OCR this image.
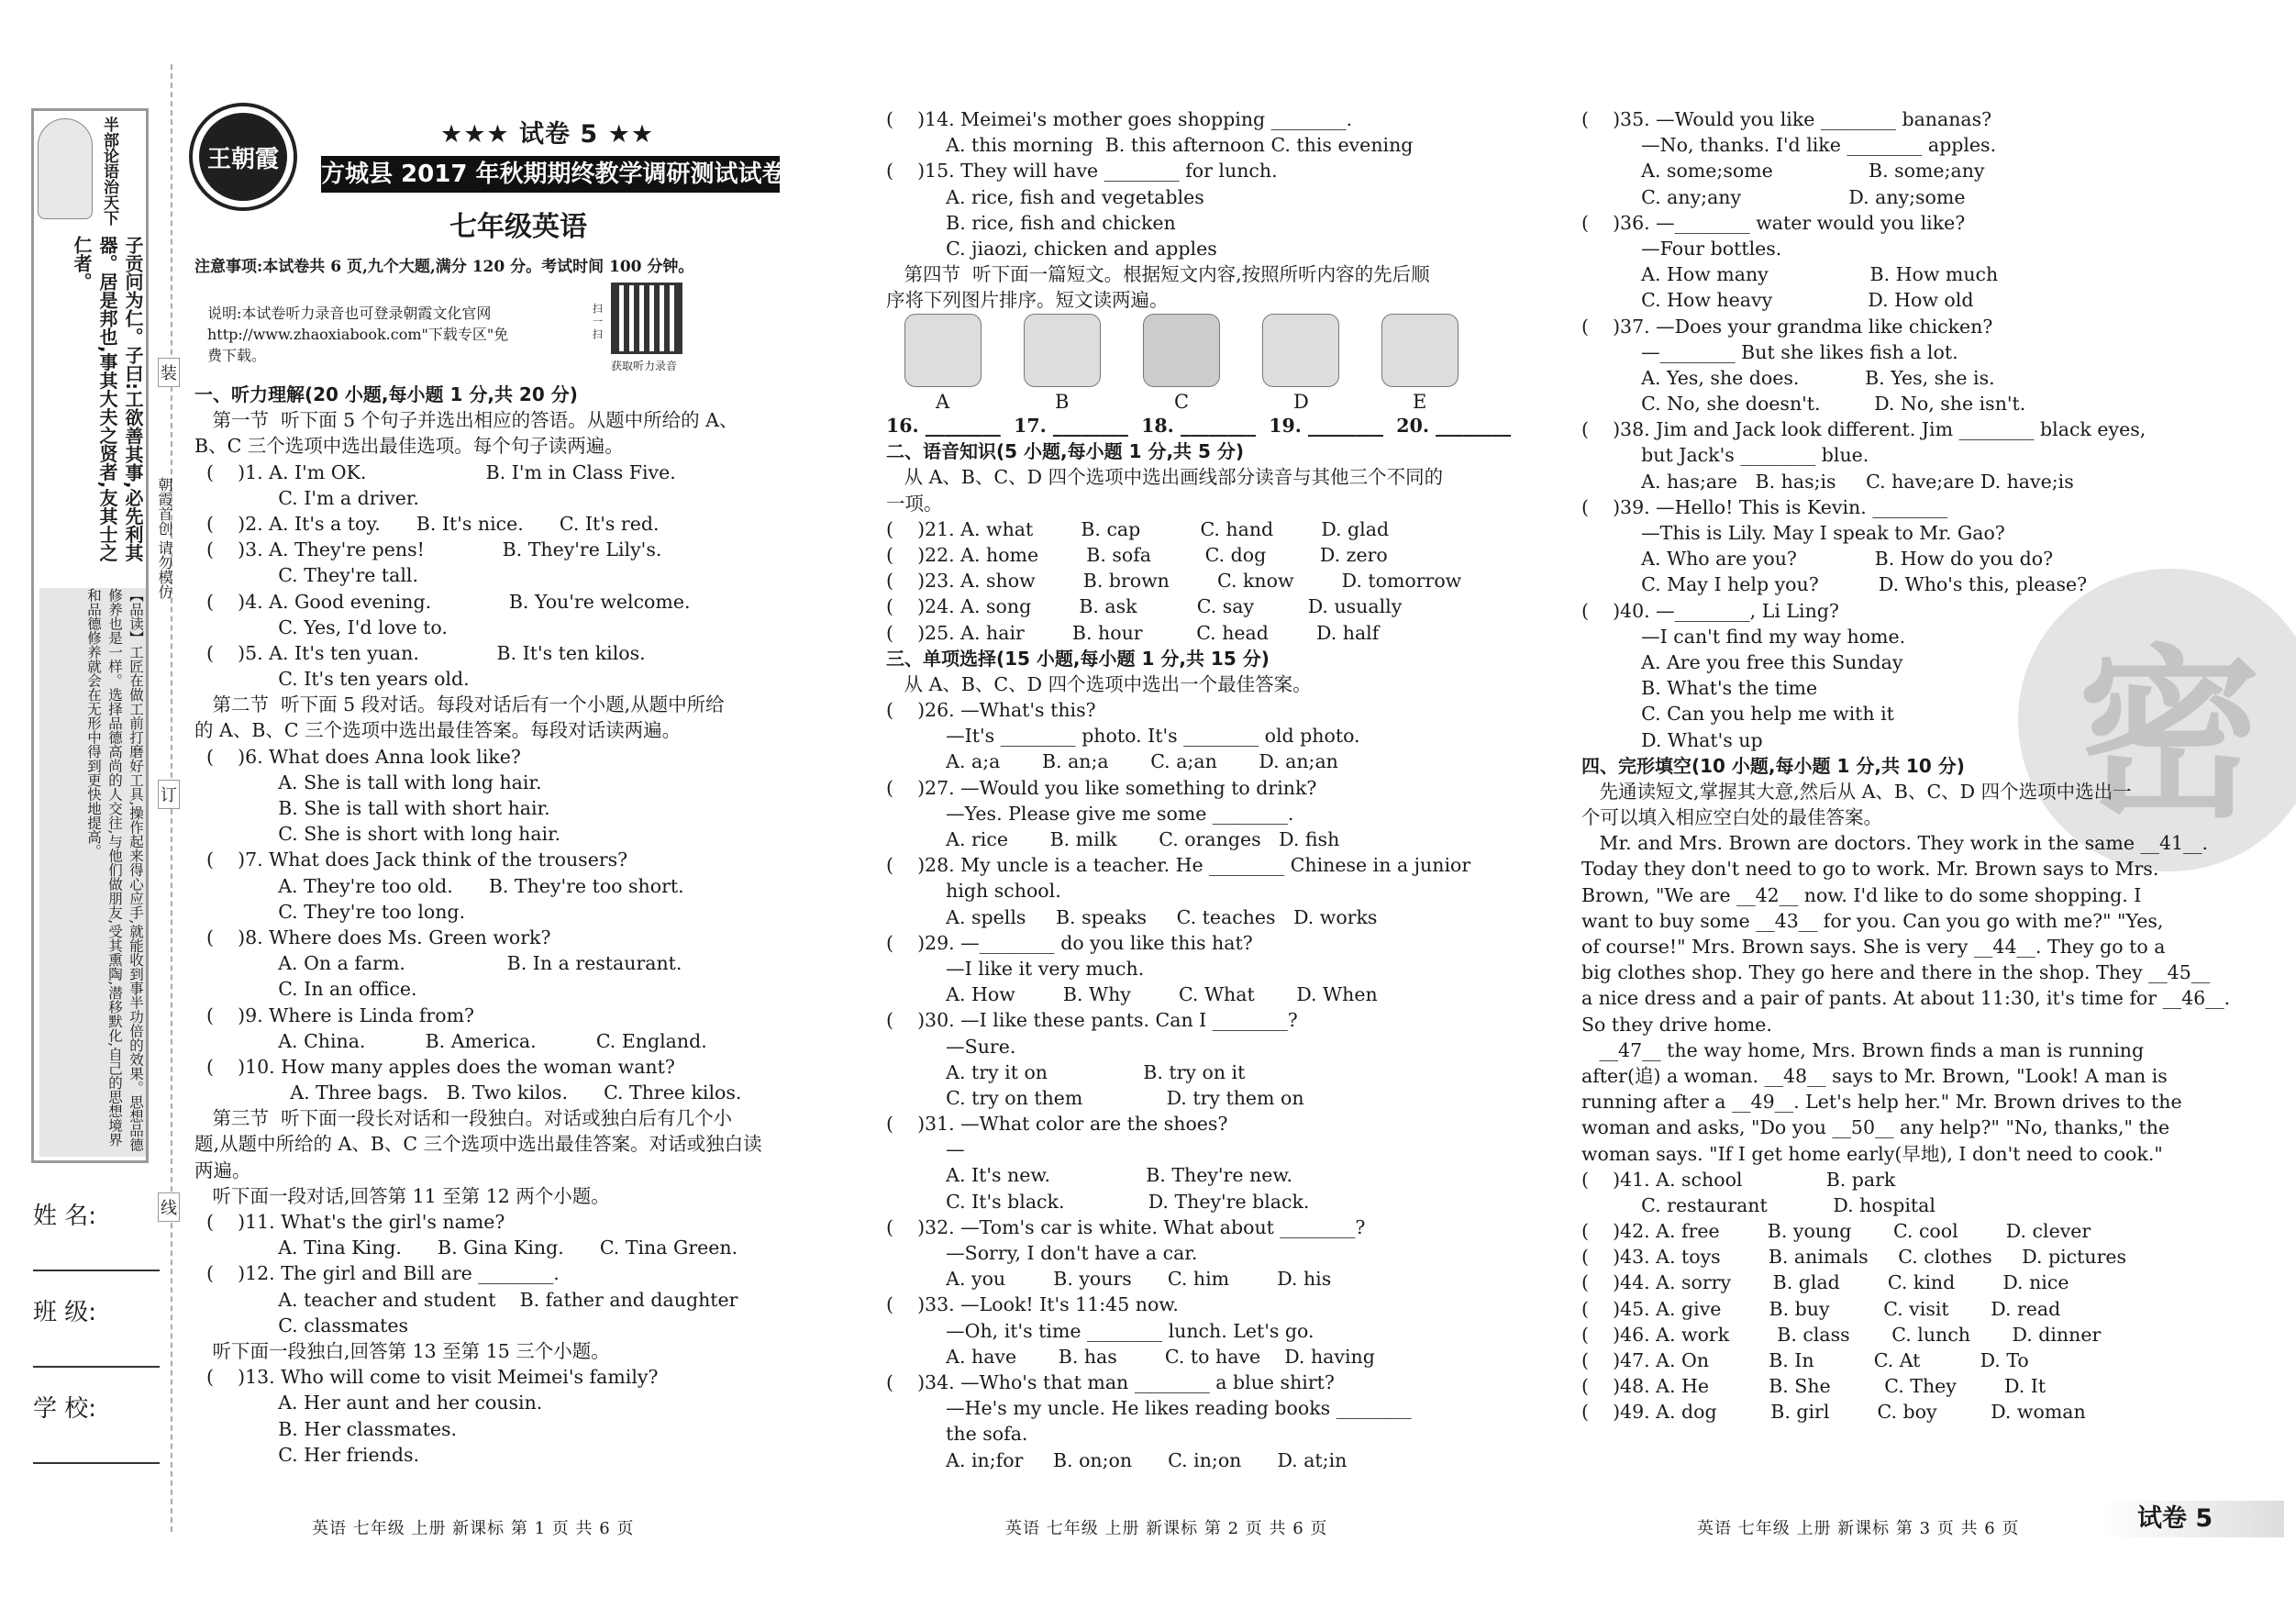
装
订
线
半部论语治天下
子贡问为仁。子曰:工欲善其事,必先利其器。居是邦也,事其大夫之贤者,友其士之仁者。
【品读】工匠在做工前打磨好工具,操作起来得心应手,就能收到事半功倍的效果。思想品德修养也是一样。选择品德高尚的人交往,与他们做朋友,受其熏陶,潜移默化,自己的思想境界和品德修养就会在无形中得到更快地提高。
朝霞首创 请勿模仿
姓 名:
班 级:
学 校:
王朝霞
★★★ 试卷 5 ★★
方城县 2017 年秋期期终教学调研测试试卷
七年级英语
注意事项:本试卷共 6 页,九个大题,满分 120 分。考试时间 100 分钟。
说明:本试卷听力录音也可登录朝霞文化官网
http://www.zhaoxiabook.com"下载专区"免
费下载。
扫一扫
获取听力录音

一、听力理解(20 小题,每小题 1 分,共 20 分)

第一节  听下面 5 个句子并选出相应的答语。从题中所给的 A、

B、C 三个选项中选出最佳选项。每个句子读两遍。

(    )1. A. I'm OK.                    B. I'm in Class Five.

C. I'm a driver.

(    )2. A. It's a toy.      B. It's nice.      C. It's red.

(    )3. A. They're pens!             B. They're Lily's.

C. They're tall.

(    )4. A. Good evening.             B. You're welcome.

C. Yes, I'd love to.

(    )5. A. It's ten yuan.             B. It's ten kilos.

C. It's ten years old.

第二节  听下面 5 段对话。每段对话后有一个小题,从题中所给

的 A、B、C 三个选项中选出最佳答案。每段对话读两遍。

(    )6. What does Anna look like?

A. She is tall with long hair.

B. She is tall with short hair.

C. She is short with long hair.

(    )7. What does Jack think of the trousers?

A. They're too old.      B. They're too short.

C. They're too long.

(    )8. Where does Ms. Green work?

A. On a farm.                 B. In a restaurant.

C. In an office.

(    )9. Where is Linda from?

A. China.          B. America.          C. England.

(    )10. How many apples does the woman want?

A. Three bags.   B. Two kilos.      C. Three kilos.

第三节  听下面一段长对话和一段独白。对话或独白后有几个小

题,从题中所给的 A、B、C 三个选项中选出最佳答案。对话或独白读

两遍。

听下面一段对话,回答第 11 至第 12 两个小题。

(    )11. What's the girl's name?

A. Tina King.      B. Gina King.      C. Tina Green.

(    )12. The girl and Bill are ________.

A. teacher and student    B. father and daughter

C. classmates

听下面一段独白,回答第 13 至第 15 三个小题。

(    )13. Who will come to visit Meimei's family?

A. Her aunt and her cousin.

B. Her classmates.

C. Her friends.

(    )14. Meimei's mother goes shopping ________.

A. this morning  B. this afternoon C. this evening

(    )15. They will have ________ for lunch.

A. rice, fish and vegetables

B. rice, fish and chicken

C. jiaozi, chicken and apples

第四节  听下面一篇短文。根据短文内容,按照所听内容的先后顺

序将下列图片排序。短文读两遍。

A	B	C	D	E

16. ________  17. ________  18. ________  19. ________  20. ________

二、语音知识(5 小题,每小题 1 分,共 5 分)

从 A、B、C、D 四个选项中选出画线部分读音与其他三个不同的

一项。

(    )21. A. what        B. cap          C. hand        D. glad

(    )22. A. home        B. sofa         C. dog         D. zero

(    )23. A. show        B. brown        C. know        D. tomorrow

(    )24. A. song        B. ask          C. say         D. usually

(    )25. A. hair        B. hour         C. head        D. half

三、单项选择(15 小题,每小题 1 分,共 15 分)

从 A、B、C、D 四个选项中选出一个最佳答案。

(    )26. —What's this?

—It's ________ photo. It's ________ old photo.

A. a;a       B. an;a       C. a;an       D. an;an

(    )27. —Would you like something to drink?

—Yes. Please give me some ________.

A. rice       B. milk       C. oranges   D. fish

(    )28. My uncle is a teacher. He ________ Chinese in a junior

high school.

A. spells     B. speaks     C. teaches   D. works

(    )29. —________ do you like this hat?

—I like it very much.

A. How        B. Why        C. What       D. When

(    )30. —I like these pants. Can I ________?

—Sure.

A. try it on                B. try on it

C. try on them              D. try them on

(    )31. —What color are the shoes?

—

A. It's new.                B. They're new.

C. It's black.              D. They're black.

(    )32. —Tom's car is white. What about ________?

—Sorry, I don't have a car.

A. you        B. yours      C. him        D. his

(    )33. —Look! It's 11:45 now.

—Oh, it's time ________ lunch. Let's go.

A. have       B. has        C. to have    D. having

(    )34. —Who's that man ________ a blue shirt?

—He's my uncle. He likes reading books ________

the sofa.

A. in;for     B. on;on      C. in;on      D. at;in

密

(    )35. —Would you like ________ bananas?

—No, thanks. I'd like ________ apples.

A. some;some                B. some;any

C. any;any                  D. any;some

(    )36. —________ water would you like?

—Four bottles.

A. How many                 B. How much

C. How heavy                D. How old

(    )37. —Does your grandma like chicken?

—________ But she likes fish a lot.

A. Yes, she does.           B. Yes, she is.

C. No, she doesn't.         D. No, she isn't.

(    )38. Jim and Jack look different. Jim ________ black eyes,

but Jack's ________ blue.

A. has;are   B. has;is     C. have;are D. have;is

(    )39. —Hello! This is Kevin. ________

—This is Lily. May I speak to Mr. Gao?

A. Who are you?             B. How do you do?

C. May I help you?          D. Who's this, please?

(    )40. —________, Li Ling?

—I can't find my way home.

A. Are you free this Sunday

B. What's the time

C. Can you help me with it

D. What's up

四、完形填空(10 小题,每小题 1 分,共 10 分)

先通读短文,掌握其大意,然后从 A、B、C、D 四个选项中选出一

个可以填入相应空白处的最佳答案。

Mr. and Mrs. Brown are doctors. They work in the same __41__.

Today they don't need to go to work. Mr. Brown says to Mrs.

Brown, "We are __42__ now. I'd like to do some shopping. I

want to buy some __43__ for you. Can you go with me?" "Yes,

of course!" Mrs. Brown says. She is very __44__. They go to a

big clothes shop. They go here and there in the shop. They __45__

a nice dress and a pair of pants. At about 11:30, it's time for __46__.

So they drive home.

__47__ the way home, Mrs. Brown finds a man is running

after(追) a woman. __48__ says to Mr. Brown, "Look! A man is

running after a __49__. Let's help her." Mr. Brown drives to the

woman and asks, "Do you __50__ any help?" "No, thanks," the

woman says. "If I get home early(早地), I don't need to cook."

(    )41. A. school              B. park

C. restaurant           D. hospital

(    )42. A. free        B. young       C. cool        D. clever

(    )43. A. toys        B. animals     C. clothes     D. pictures

(    )44. A. sorry       B. glad        C. kind        D. nice

(    )45. A. give        B. buy         C. visit       D. read

(    )46. A. work        B. class       C. lunch       D. dinner

(    )47. A. On          B. In          C. At          D. To

(    )48. A. He          B. She         C. They        D. It

(    )49. A. dog         B. girl        C. boy         D. woman

英语 七年级 上册 新课标 第 1 页 共 6 页	英语 七年级 上册 新课标 第 2 页 共 6 页	英语 七年级 上册 新课标 第 3 页 共 6 页	试卷 5
